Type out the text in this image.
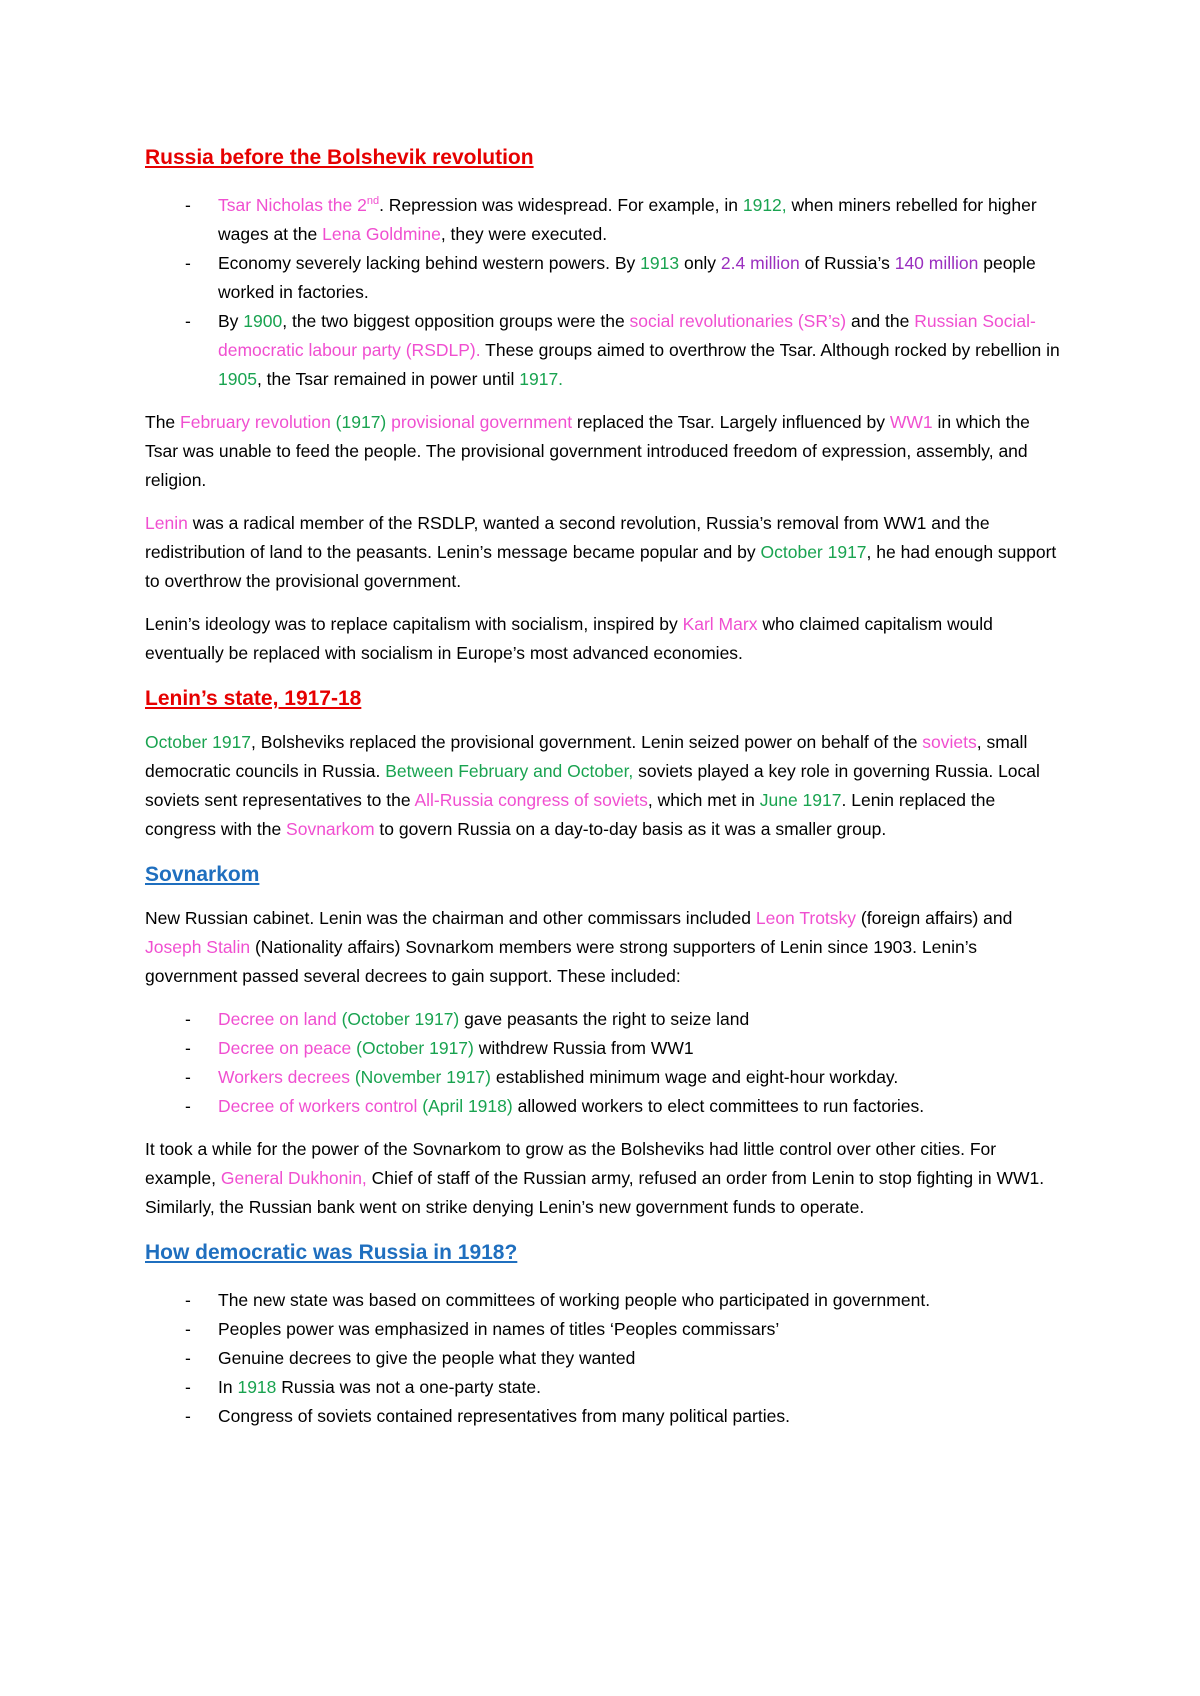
Russia before the Bolshevik revolution
- Tsar Nicholas the 2nd. Repression was widespread. For example, in 1912, when miners rebelled for higher wages at the Lena Goldmine, they were executed.
- Economy severely lacking behind western powers. By 1913 only 2.4 million of Russia’s 140 million people worked in factories.
- By 1900, the two biggest opposition groups were the social revolutionaries (SR’s) and the Russian Social-democratic labour party (RSDLP). These groups aimed to overthrow the Tsar. Although rocked by rebellion in 1905, the Tsar remained in power until 1917.

The February revolution (1917) provisional government replaced the Tsar. Largely influenced by WW1 in which the Tsar was unable to feed the people. The provisional government introduced freedom of expression, assembly, and religion.

Lenin was a radical member of the RSDLP, wanted a second revolution, Russia’s removal from WW1 and the redistribution of land to the peasants. Lenin’s message became popular and by October 1917, he had enough support to overthrow the provisional government.

Lenin’s ideology was to replace capitalism with socialism, inspired by Karl Marx who claimed capitalism would eventually be replaced with socialism in Europe’s most advanced economies.

Lenin’s state, 1917-18

October 1917, Bolsheviks replaced the provisional government. Lenin seized power on behalf of the soviets, small democratic councils in Russia. Between February and October, soviets played a key role in governing Russia. Local soviets sent representatives to the All-Russia congress of soviets, which met in June 1917. Lenin replaced the congress with the Sovnarkom to govern Russia on a day-to-day basis as it was a smaller group.

Sovnarkom

New Russian cabinet. Lenin was the chairman and other commissars included Leon Trotsky (foreign affairs) and Joseph Stalin (Nationality affairs) Sovnarkom members were strong supporters of Lenin since 1903. Lenin’s government passed several decrees to gain support. These included:

- Decree on land (October 1917) gave peasants the right to seize land
- Decree on peace (October 1917) withdrew Russia from WW1
- Workers decrees (November 1917) established minimum wage and eight-hour workday.
- Decree of workers control (April 1918) allowed workers to elect committees to run factories.

It took a while for the power of the Sovnarkom to grow as the Bolsheviks had little control over other cities. For example, General Dukhonin, Chief of staff of the Russian army, refused an order from Lenin to stop fighting in WW1. Similarly, the Russian bank went on strike denying Lenin’s new government funds to operate.

How democratic was Russia in 1918?
- The new state was based on committees of working people who participated in government.
- Peoples power was emphasized in names of titles ‘Peoples commissars’
- Genuine decrees to give the people what they wanted
- In 1918 Russia was not a one-party state.
- Congress of soviets contained representatives from many political parties.
